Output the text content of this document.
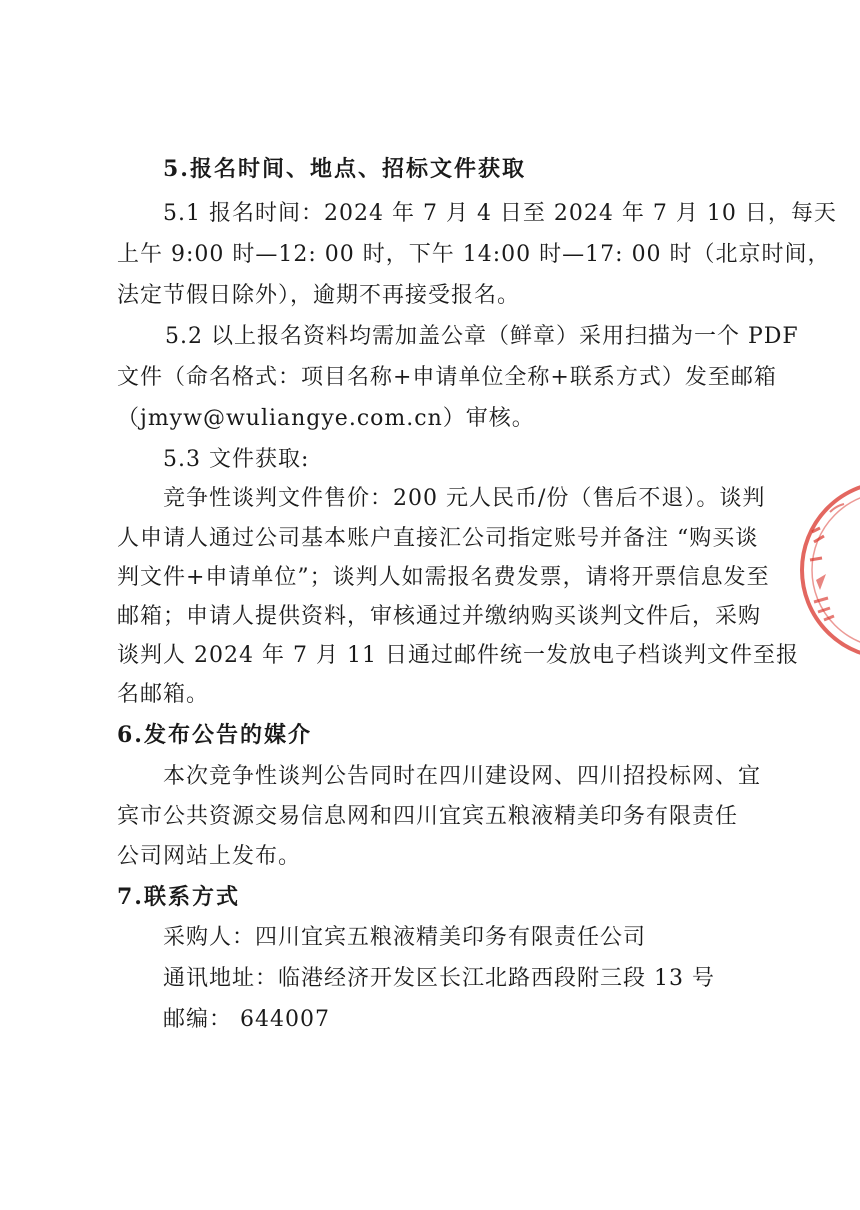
5.报名时间、地点、招标文件获取
5.1 报名时间：2024 年 7 月 4 日至 2024 年 7 月 10 日，每天
上午 9:00 时—12: 00 时，下午 14:00 时—17: 00 时（北京时间，
法定节假日除外），逾期不再接受报名。
5.2 以上报名资料均需加盖公章（鲜章）采用扫描为一个 PDF
文件（命名格式：项目名称+申请单位全称+联系方式）发至邮箱
（jmyw@wuliangye.com.cn）审核。
5.3 文件获取:
竞争性谈判文件售价：200 元人民币/份（售后不退）。谈判
人申请人通过公司基本账户直接汇公司指定账号并备注 “购买谈
判文件+申请单位”；谈判人如需报名费发票，请将开票信息发至
邮箱；申请人提供资料，审核通过并缴纳购买谈判文件后，采购
谈判人 2024 年 7 月 11 日通过邮件统一发放电子档谈判文件至报
名邮箱。
6.发布公告的媒介
本次竞争性谈判公告同时在四川建设网、四川招投标网、宜
宾市公共资源交易信息网和四川宜宾五粮液精美印务有限责任
公司网站上发布。
7.联系方式
采购人：四川宜宾五粮液精美印务有限责任公司
通讯地址：临港经济开发区长江北路西段附三段 13 号
邮编： 644007
